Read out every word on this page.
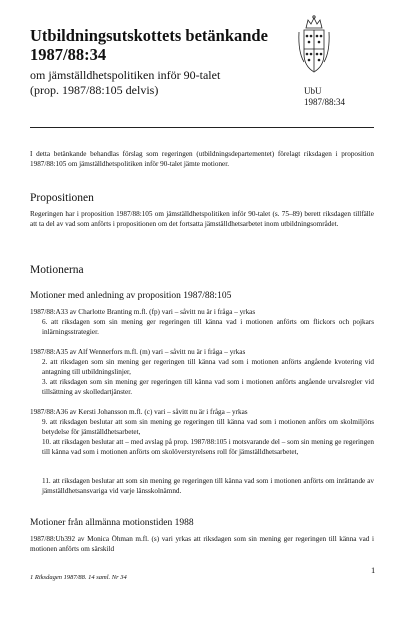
Utbildningsutskottets betänkande 1987/88:34
om jämställdhetspolitiken inför 90-talet
(prop. 1987/88:105 delvis)	UbU
1987/88:34
I detta betänkande behandlas förslag som regeringen (utbildningsdepartementet) förelagt riksdagen i proposition 1987/88:105 om jämställdhetspolitiken inför 90-talet jämte motioner.
Propositionen
Regeringen har i proposition 1987/88:105 om jämställdhetspolitiken inför 90-talet (s. 75–89) berett riksdagen tillfälle att ta del av vad som anförts i propositionen om det fortsatta jämställdhetsarbetet inom utbildningsområdet.
Motionerna
Motioner med anledning av proposition 1987/88:105
1987/88:A33 av Charlotte Branting m.fl. (fp) vari – såvitt nu är i fråga – yrkas
6. att riksdagen som sin mening ger regeringen till känna vad i motionen anförts om flickors och pojkars inlärningsstrategier.
1987/88:A35 av Alf Wennerfors m.fl. (m) vari – såvitt nu är i fråga – yrkas
2. att riksdagen som sin mening ger regeringen till känna vad som i motionen anförts angående kvotering vid antagning till utbildningslinjer,
3. att riksdagen som sin mening ger regeringen till känna vad som i motionen anförts angående urvalsregler vid tillsättning av skolledartjänster.
1987/88:A36 av Kersti Johansson m.fl. (c) vari – såvitt nu är i fråga – yrkas
9. att riksdagen beslutar att som sin mening ge regeringen till känna vad som i motionen anförs om skolmiljöns betydelse för jämställdhetsarbetet,
10. att riksdagen beslutar att – med avslag på prop. 1987/88:105 i motsvarande del – som sin mening ge regeringen till känna vad som i motionen anförts om skolöverstyrelsens roll för jämställdhetsarbetet,
11. att riksdagen beslutar att som sin mening ge regeringen till känna vad som i motionen anförts om inrättande av jämställdhetsansvariga vid varje länsskolnämnd.
Motioner från allmänna motionstiden 1988
1987/88:Ub392 av Monica Öhman m.fl. (s) vari yrkas att riksdagen som sin mening ger regeringen till känna vad i motionen anförts om särskild
1 Riksdagen 1987/88. 14 saml. Nr 34
1
